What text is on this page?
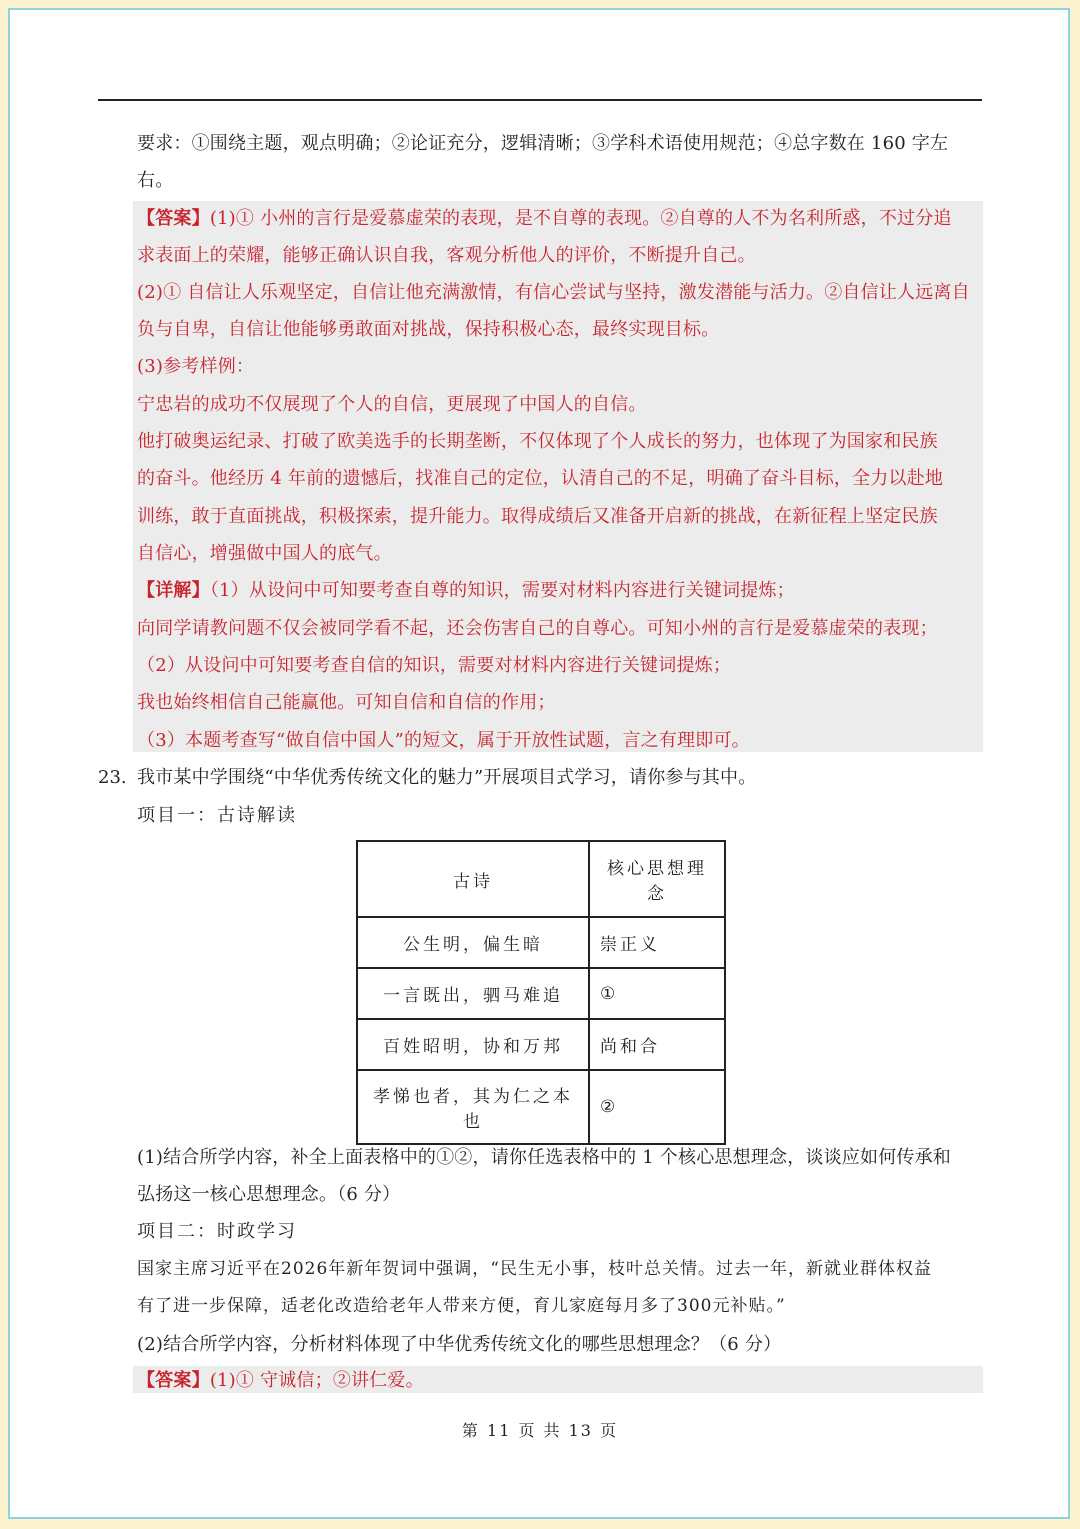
要求：①围绕主题，观点明确；②论证充分，逻辑清晰；③学科术语使用规范；④总字数在 160 字左
右。
【答案】(1)① 小州的言行是爱慕虚荣的表现，是不自尊的表现。②自尊的人不为名利所惑，不过分追
求表面上的荣耀，能够正确认识自我，客观分析他人的评价，不断提升自己。
(2)① 自信让人乐观坚定，自信让他充满激情，有信心尝试与坚持，激发潜能与活力。②自信让人远离自
负与自卑，自信让他能够勇敢面对挑战，保持积极心态，最终实现目标。
(3)参考样例：
宁忠岩的成功不仅展现了个人的自信，更展现了中国人的自信。
他打破奥运纪录、打破了欧美选手的长期垄断，不仅体现了个人成长的努力，也体现了为国家和民族
的奋斗。他经历 4 年前的遗憾后，找准自己的定位，认清自己的不足，明确了奋斗目标，全力以赴地
训练，敢于直面挑战，积极探索，提升能力。取得成绩后又准备开启新的挑战，在新征程上坚定民族
自信心，增强做中国人的底气。
【详解】（1）从设问中可知要考查自尊的知识，需要对材料内容进行关键词提炼；
向同学请教问题不仅会被同学看不起，还会伤害自己的自尊心。可知小州的言行是爱慕虚荣的表现；
（2）从设问中可知要考查自信的知识，需要对材料内容进行关键词提炼；
我也始终相信自己能赢他。可知自信和自信的作用；
（3）本题考查写“做自信中国人”的短文，属于开放性试题，言之有理即可。
23. 我市某中学围绕“中华优秀传统文化的魅力”开展项目式学习，请你参与其中。
项目一：古诗解读
古诗	核心思想理念
公生明，偏生暗	崇正义
一言既出，驷马难追	①
百姓昭明，协和万邦	尚和合
孝悌也者，其为仁之本也	②
(1)结合所学内容，补全上面表格中的①②，请你任选表格中的 1 个核心思想理念，谈谈应如何传承和
弘扬这一核心思想理念。（6 分）
项目二：时政学习
国家主席习近平在2026年新年贺词中强调，“民生无小事，枝叶总关情。过去一年，新就业群体权益
有了进一步保障，适老化改造给老年人带来方便，育儿家庭每月多了300元补贴。”
(2)结合所学内容，分析材料体现了中华优秀传统文化的哪些思想理念？（6 分）
【答案】(1)① 守诚信；②讲仁爱。
第 11 页 共 13 页
